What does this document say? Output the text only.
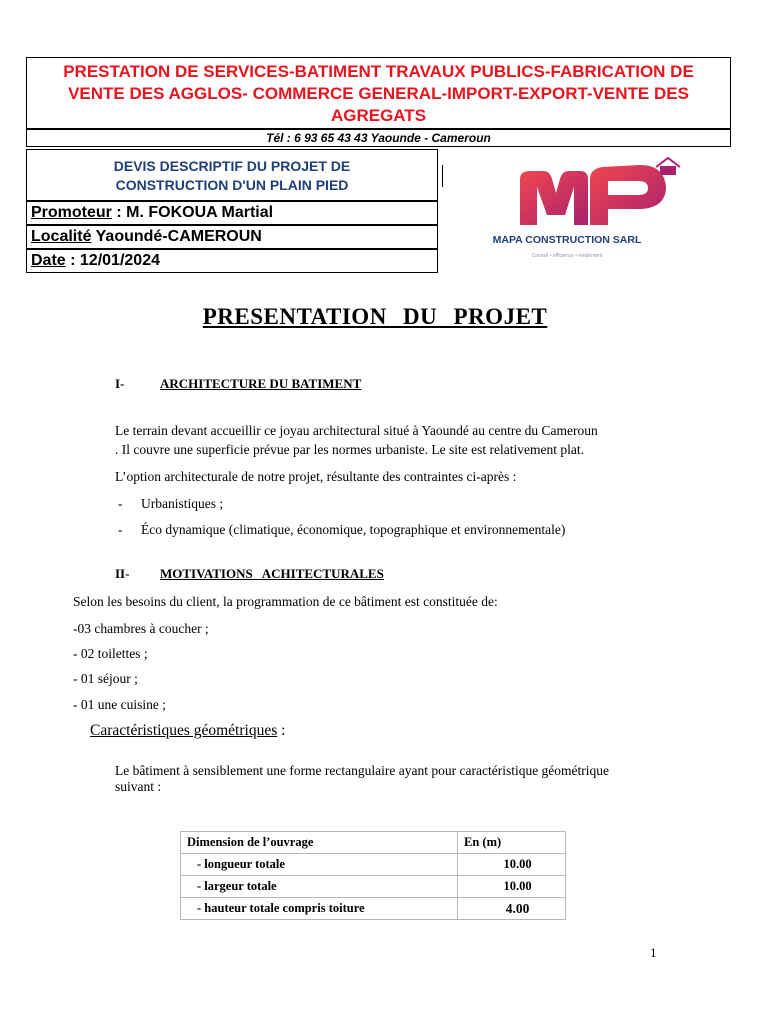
PRESTATION DE SERVICES-BATIMENT TRAVAUX PUBLICS-FABRICATION DE VENTE DES AGGLOS- COMMERCE GENERAL-IMPORT-EXPORT-VENTE DES AGREGATS
Tél : 6 93 65 43 43 Yaounde - Cameroun
DEVIS DESCRIPTIF DU PROJET DE
CONSTRUCTION D'UN PLAIN PIED
Promoteur : M. FOKOUA Martial
Localité Yaoundé-CAMEROUN
Date : 12/01/2024
MAPA CONSTRUCTION SARL
Conseil • efficience • rendement
PRESENTATION DU PROJET
I-	ARCHITECTURE DU BATIMENT
Le terrain devant accueillir ce joyau architectural situé à Yaoundé au centre du Cameroun
. Il couvre une superficie prévue par les normes urbaniste. Le site est relativement plat.
L’option architecturale de notre projet, résultante des contraintes ci-après :
- Urbanistiques ;
- Éco dynamique (climatique, économique, topographique et environnementale)
II- MOTIVATIONS   ACHITECTURALES
Selon les besoins du client, la programmation de ce bâtiment est constituée de:
-03 chambres à coucher ;
- 02 toilettes ;
- 01 séjour ;
- 01 une cuisine ;
Caractéristiques géométriques :
Le bâtiment à sensiblement une forme rectangulaire ayant pour caractéristique géométrique
suivant :
Dimension de l’ouvrage	En (m)
- longueur totale	10.00
- largeur totale	10.00
- hauteur totale compris toiture	4.00
1
